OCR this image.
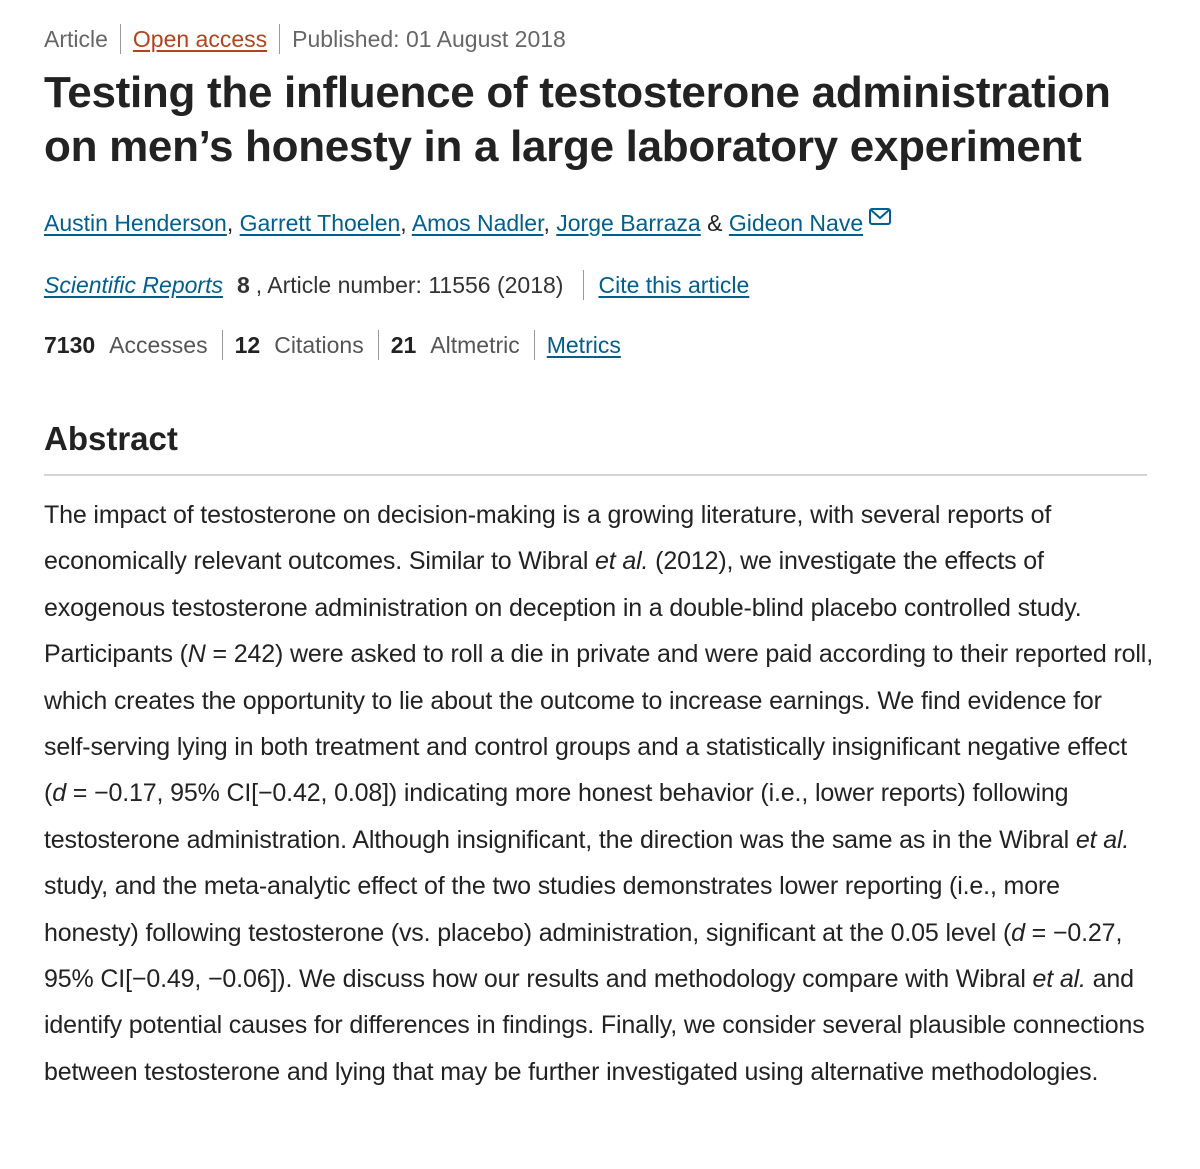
Article Open access Published: 01 August 2018
Testing the influence of testosterone administration on men’s honesty in a large laboratory experiment
Austin Henderson, Garrett Thoelen, Amos Nadler, Jorge Barraza & Gideon Nave
Scientific Reports 8 , Article number: 11556 (2018) Cite this article
7130 Accesses 12 Citations 21 Altmetric Metrics
Abstract

The impact of testosterone on decision-making is a growing literature, with several reports of economically relevant outcomes. Similar to Wibral et al. (2012), we investigate the effects of exogenous testosterone administration on deception in a double-blind placebo controlled study. Participants (N = 242) were asked to roll a die in private and were paid according to their reported roll, which creates the opportunity to lie about the outcome to increase earnings. We find evidence for self-serving lying in both treatment and control groups and a statistically insignificant negative effect (d = −0.17, 95% CI[−0.42, 0.08]) indicating more honest behavior (i.e., lower reports) following testosterone administration. Although insignificant, the direction was the same as in the Wibral et al. study, and the meta-analytic effect of the two studies demonstrates lower reporting (i.e., more honesty) following testosterone (vs. placebo) administration, significant at the 0.05 level (d = −0.27, 95% CI[−0.49, −0.06]). We discuss how our results and methodology compare with Wibral et al. and identify potential causes for differences in findings. Finally, we consider several plausible connections between testosterone and lying that may be further investigated using alternative methodologies.
